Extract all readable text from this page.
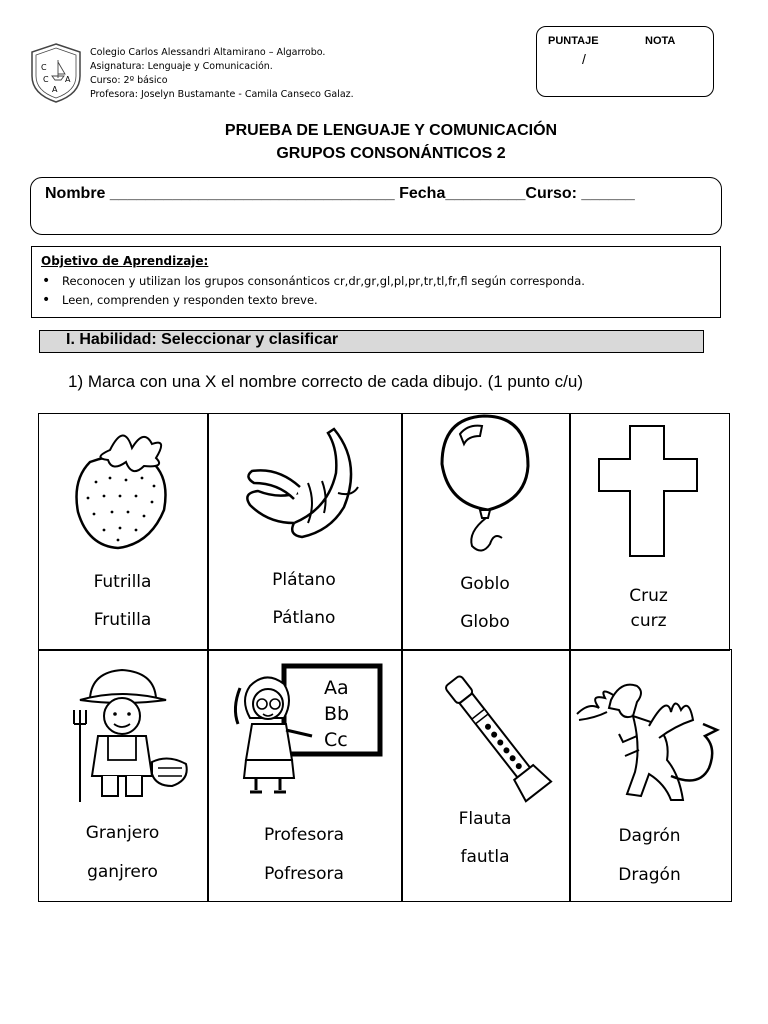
C
C
A
A
Colegio Carlos Alessandri Altamirano – Algarrobo.
Asignatura: Lenguaje y Comunicación.
Curso: 2º básico
Profesora: Joselyn Bustamante - Camila Canseco Galaz.
PUNTAJE	NOTA
/
PRUEBA DE LENGUAJE Y COMUNICACIÓN
GRUPOS CONSONÁNTICOS 2
Nombre ________________________________ Fecha_________Curso: ______
Objetivo de Aprendizaje:
• Reconocen y utilizan los grupos consonánticos cr,dr,gr,gl,pl,pr,tr,tl,fr,fl según corresponda.
• Leen, comprenden y responden texto breve.
I. Habilidad: Seleccionar y clasificar
1) Marca con una X el nombre correcto de cada dibujo. (1 punto c/u)
Aa
Bb
Cc
Futrilla
Frutilla
Plátano
Pátlano
Goblo
Globo
Cruz
curz
Granjero
ganjrero
Profesora
Pofresora
Flauta
fautla
Dagrón
Dragón
